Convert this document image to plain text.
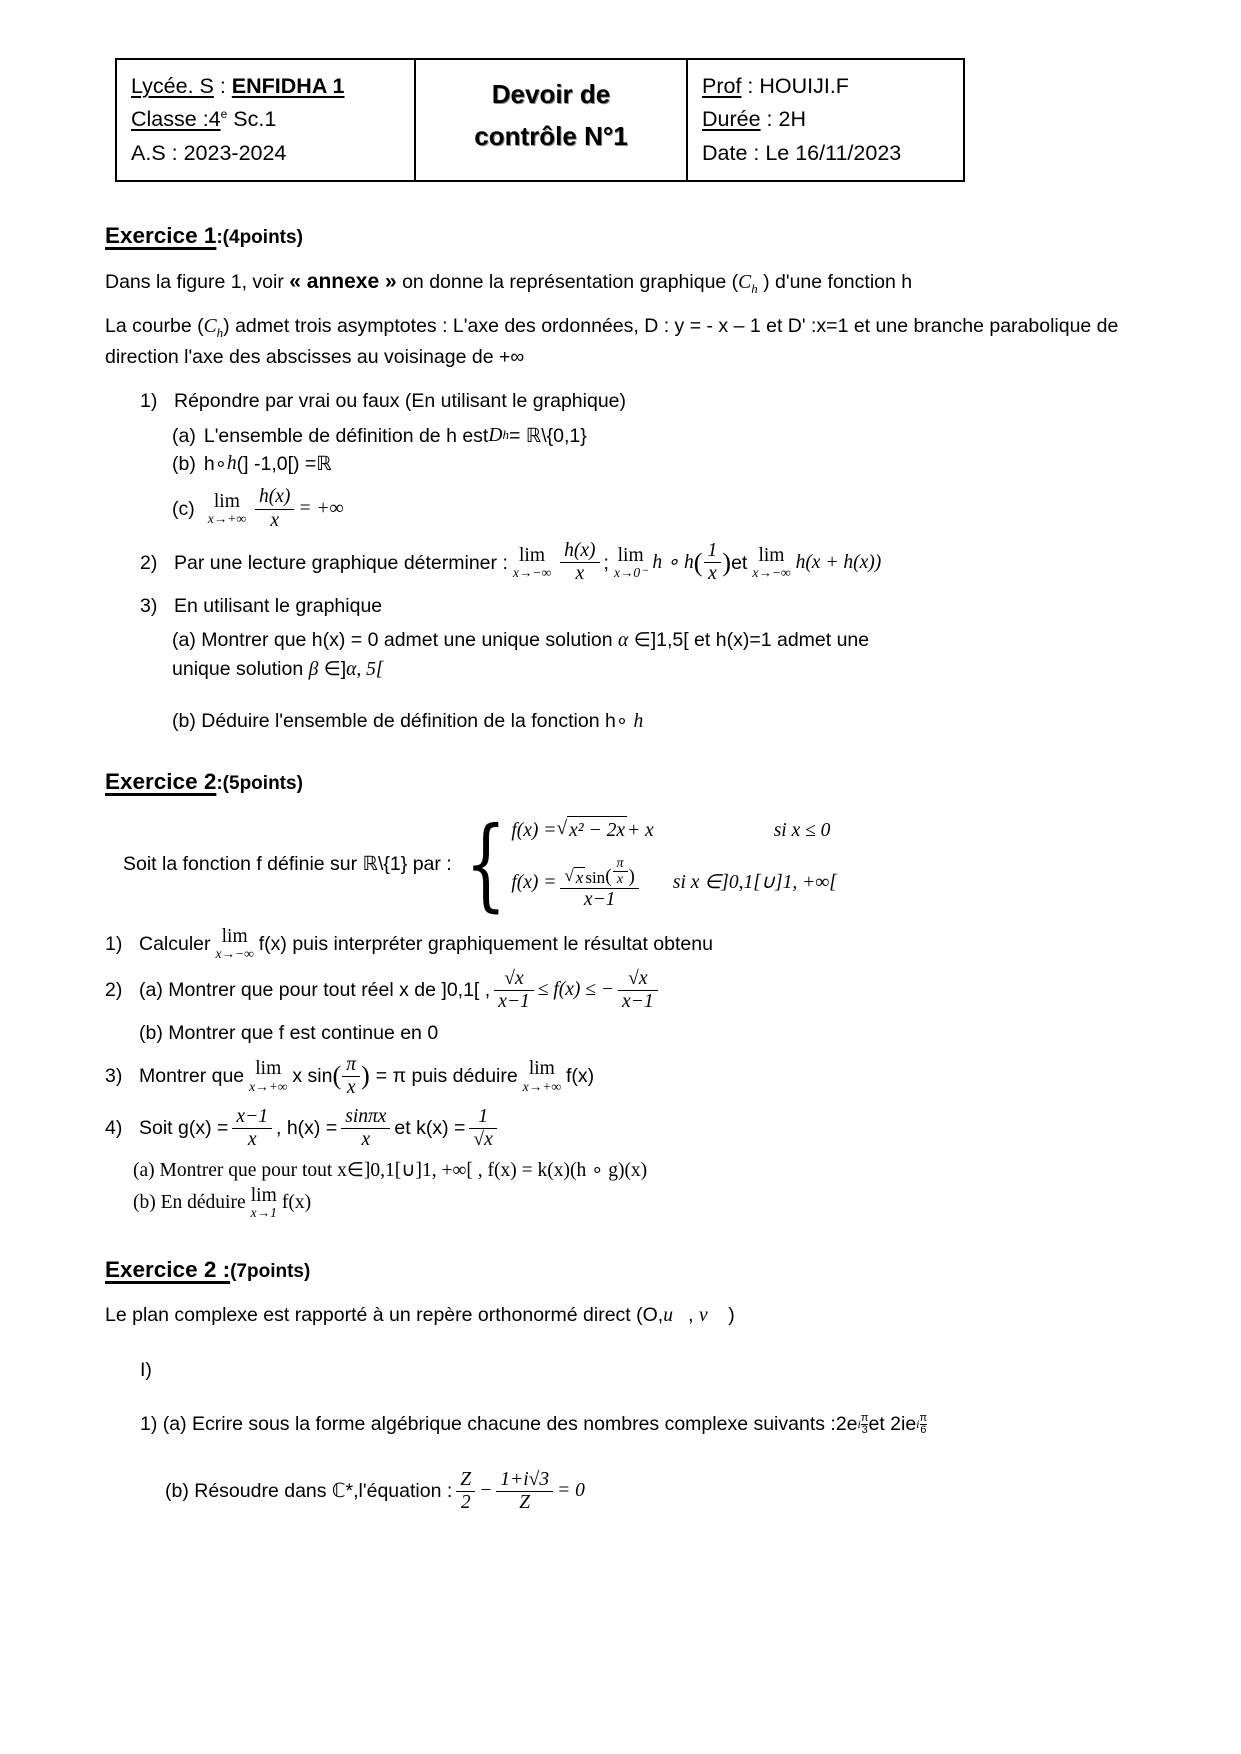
Lycée. S : ENFIDHA 1
Classe :4e Sc.1
A.S : 2023-2024
Devoir de
contrôle N°1
Prof : HOUIJI.F
Durée : 2H
Date : Le 16/11/2023
Exercice 1:(4points)
Dans la figure 1, voir « annexe » on donne la représentation graphique ($C_h$ ) d'une fonction h
La courbe $(C_h)$ admet trois asymptotes : L'axe des ordonnées, D : y = - x – 1 et D' :x=1 et une branche parabolique de direction l'axe des abscisses au voisinage de +∞
1) Répondre par vrai ou faux (En utilisant le graphique)
(a) L'ensemble de définition de h est D h = ℝ\{0,1}
(b) h∘ h (] -1,0[) =ℝ
(c) lim
$x\to+\infty \frac{h(x)}{x}$ = +∞
2) Par une lecture graphique déterminer : lim
$x\to-\infty \frac{h(x)}{x}$ ; lim
x→0⁻ h ∘ h ( $\frac{1}{x}$ ) et lim
x→−∞ h(x + h(x))
3) En utilisant le graphique
(a) Montrer que h(x) = 0 admet une unique solution α ∈]1,5[ et h(x)=1 admet une
unique solution β ∈]α, 5[
(b) Déduire l'ensemble de définition de la fonction h∘ h
Exercice 2:(5points)
Soit la fonction f définie sur ℝ\{1} par : { f(x) = √ x² − 2x + x	si x ≤ 0
f(x) = √ x sin ( $\frac{\pi}{x}$ )
x−1
si x ∈]0,1[∪]1, +∞[
1) Calculer lim
x→−∞ f(x) puis interpréter graphiquement le résultat obtenu
2) (a) Montrer que pour tout réel x de ]0,1[ , $\frac{√x}{x-1} \le f(x)$ ≤ − $\frac{√x}{x-1}$
(b) Montrer que f est continue en 0
3) Montrer que lim
x→+∞ x sin ( $\frac{\pi}{x}$ ) = π puis déduire lim
x→+∞ f(x)
4) Soit $g(x) = \frac{x-1}{x}$ , $h(x) = \frac{\sin\pi x}{x}$ et $k(x) = \frac{1}{√x}$
(a) Montrer que pour tout x∈]0,1[∪]1, +∞[ , f(x) = k(x)(h ∘ g)(x)
(b) En déduire lim
x→1 f(x)
Exercice 2 :(7points)
Le plan complexe est rapporté à un repère orthonormé direct (O,u⃗, v⃗ )
I)
1) (a) Ecrire sous la forme algébrique chacune des nombres complexe suivants :2e i $\frac{\pi}{3}$ et 2ie i $\frac{\pi}{6}$
(b) Résoudre dans ℂ*,l'équation : $\frac{Z}{2} - \frac{1+i√3}{Z} = 0$
